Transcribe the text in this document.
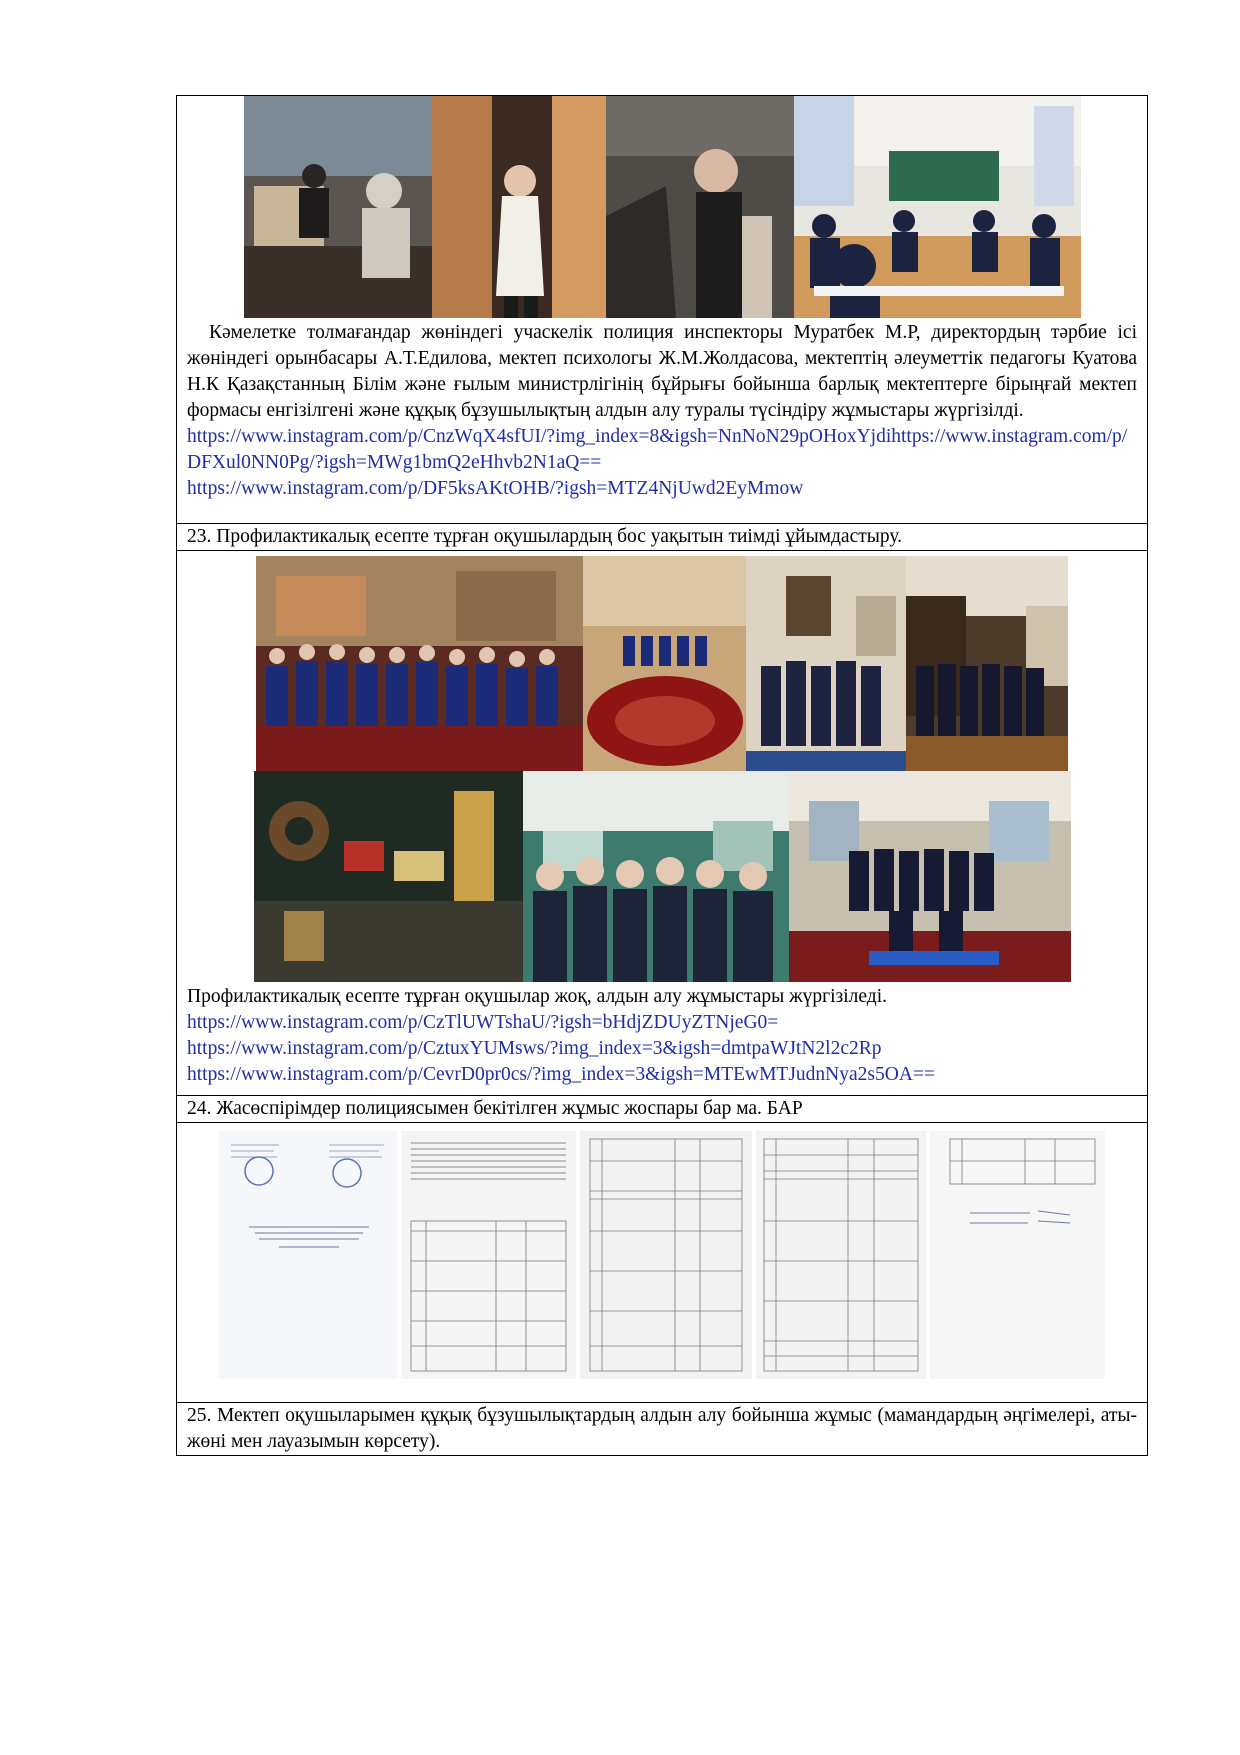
Кәмелетке толмағандар жөніндегі учаскелік полиция инспекторы Муратбек М.Р, директордың тәрбие ісі жөніндегі орынбасары А.Т.Едилова, мектеп психологы Ж.М.Жолдасова, мектептің әлеуметтік педагогы Куатова Н.К Қазақстанның Білім және ғылым министрлігінің бұйрығы бойынша барлық мектептерге бірыңғай мектеп формасы енгізілгені және құқық бұзушылықтың алдын алу туралы түсіндіру жұмыстары жүргізілді.
https://www.instagram.com/p/CnzWqX4sfUI/?img_index=8&igsh=NnNoN29pOHoxYjdihttps://www.instagram.com/p/DFXul0NN0Pg/?igsh=MWg1bmQ2eHhvb2N1aQ==
https://www.instagram.com/p/DF5ksAKtOHB/?igsh=MTZ4NjUwd2EyMmow
23. Профилактикалық есепте тұрған оқушылардың бос уақытын тиімді ұйымдастыру.
Профилактикалық есепте тұрған оқушылар жоқ, алдын алу жұмыстары жүргізіледі.
https://www.instagram.com/p/CzTlUWTshaU/?igsh=bHdjZDUyZTNjeG0=
https://www.instagram.com/p/CztuxYUMsws/?img_index=3&igsh=dmtpaWJtN2l2c2Rp
https://www.instagram.com/p/CevrD0pr0cs/?img_index=3&igsh=MTEwMTJudnNya2s5OA==
24. Жасөспірімдер полициясымен бекітілген жұмыс жоспары бар ма. БАР
25. Мектеп оқушыларымен құқық бұзушылықтардың алдын алу бойынша жұмыс (мамандардың әңгімелері, аты-жөні мен лауазымын көрсету).
